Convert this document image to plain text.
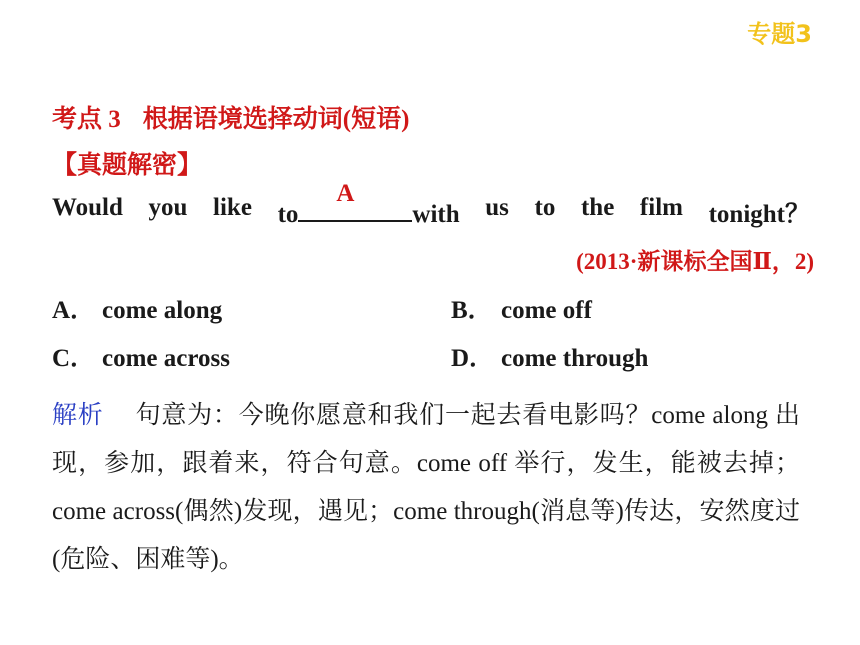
专题3
考点 3 根据语境选择动词(短语)
【真题解密】
Would you like to
A
with us to the film tonight？
(2013·新课标全国Ⅱ，2)
A． come along	B． come off
C． come across	D． come through
解析 句意为：今晚你愿意和我们一起去看电影吗？come along 出现，参加，跟着来，符合句意。come off 举行，发生，能被去掉；come across(偶然)发现，遇见；come through(消息等)传达，安然度过(危险、困难等)。
